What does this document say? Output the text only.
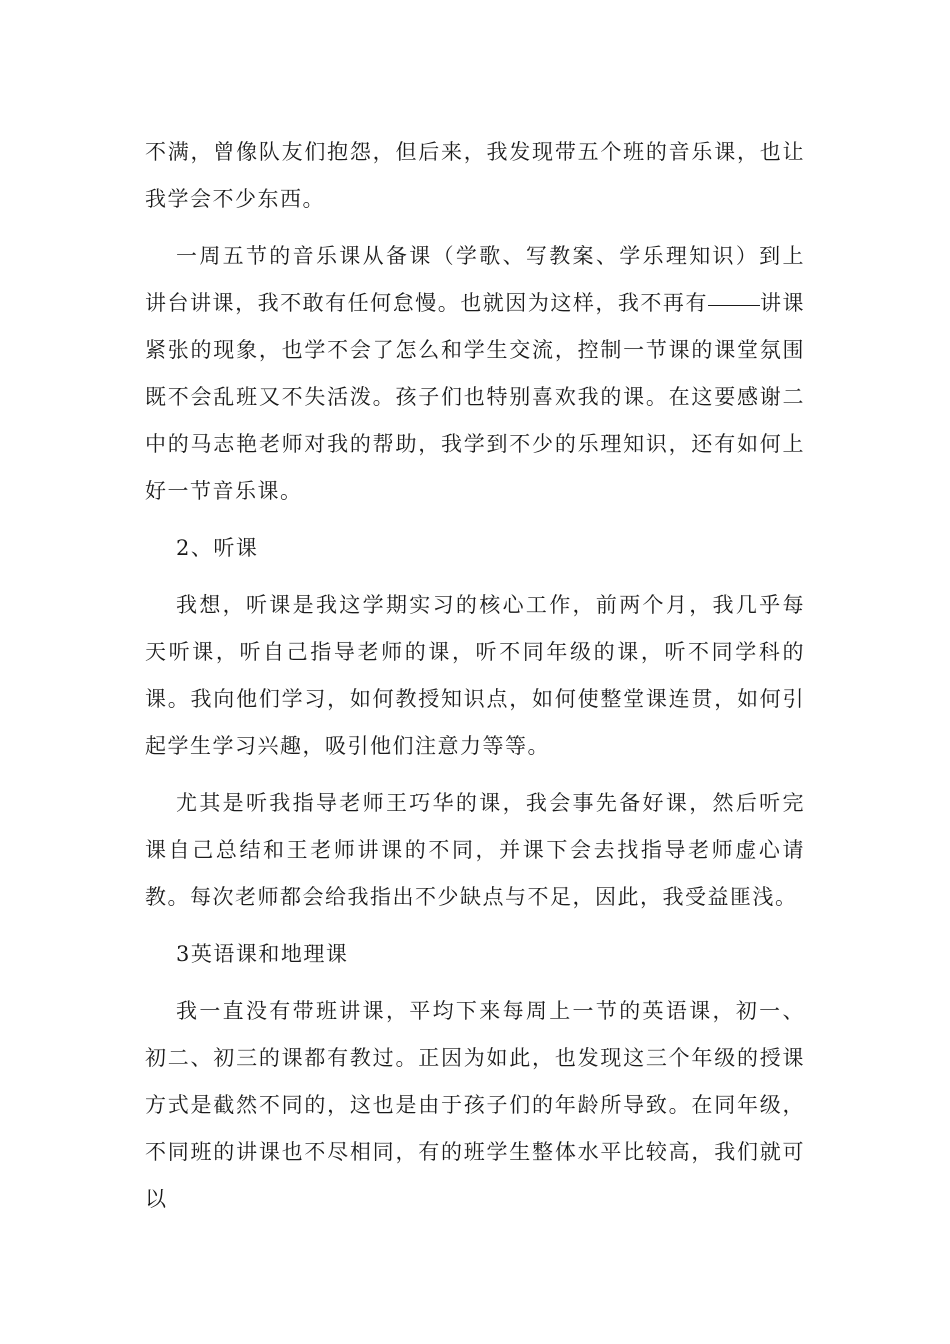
不满，曾像队友们抱怨，但后来，我发现带五个班的音乐课，也让我学会不少东西。

一周五节的音乐课从备课（学歌、写教案、学乐理知识）到上讲台讲课，我不敢有任何怠慢。也就因为这样，我不再有 讲课紧张的现象，也学不会了怎么和学生交流，控制一节课的课堂氛围既不会乱班又不失活泼。孩子们也特别喜欢我的课。在这要感谢二中的马志艳老师对我的帮助，我学到不少的乐理知识，还有如何上好一节音乐课。

2、听课

我想，听课是我这学期实习的核心工作，前两个月，我几乎每天听课，听自己指导老师的课，听不同年级的课，听不同学科的课。我向他们学习，如何教授知识点，如何使整堂课连贯，如何引起学生学习兴趣，吸引他们注意力等等。

尤其是听我指导老师王巧华的课，我会事先备好课，然后听完课自己总结和王老师讲课的不同，并课下会去找指导老师虚心请教。每次老师都会给我指出不少缺点与不足，因此，我受益匪浅。

3英语课和地理课

我一直没有带班讲课，平均下来每周上一节的英语课，初一、初二、初三的课都有教过。正因为如此，也发现这三个年级的授课方式是截然不同的，这也是由于孩子们的年龄所导致。在同年级，不同班的讲课也不尽相同，有的班学生整体水平比较高，我们就可以
